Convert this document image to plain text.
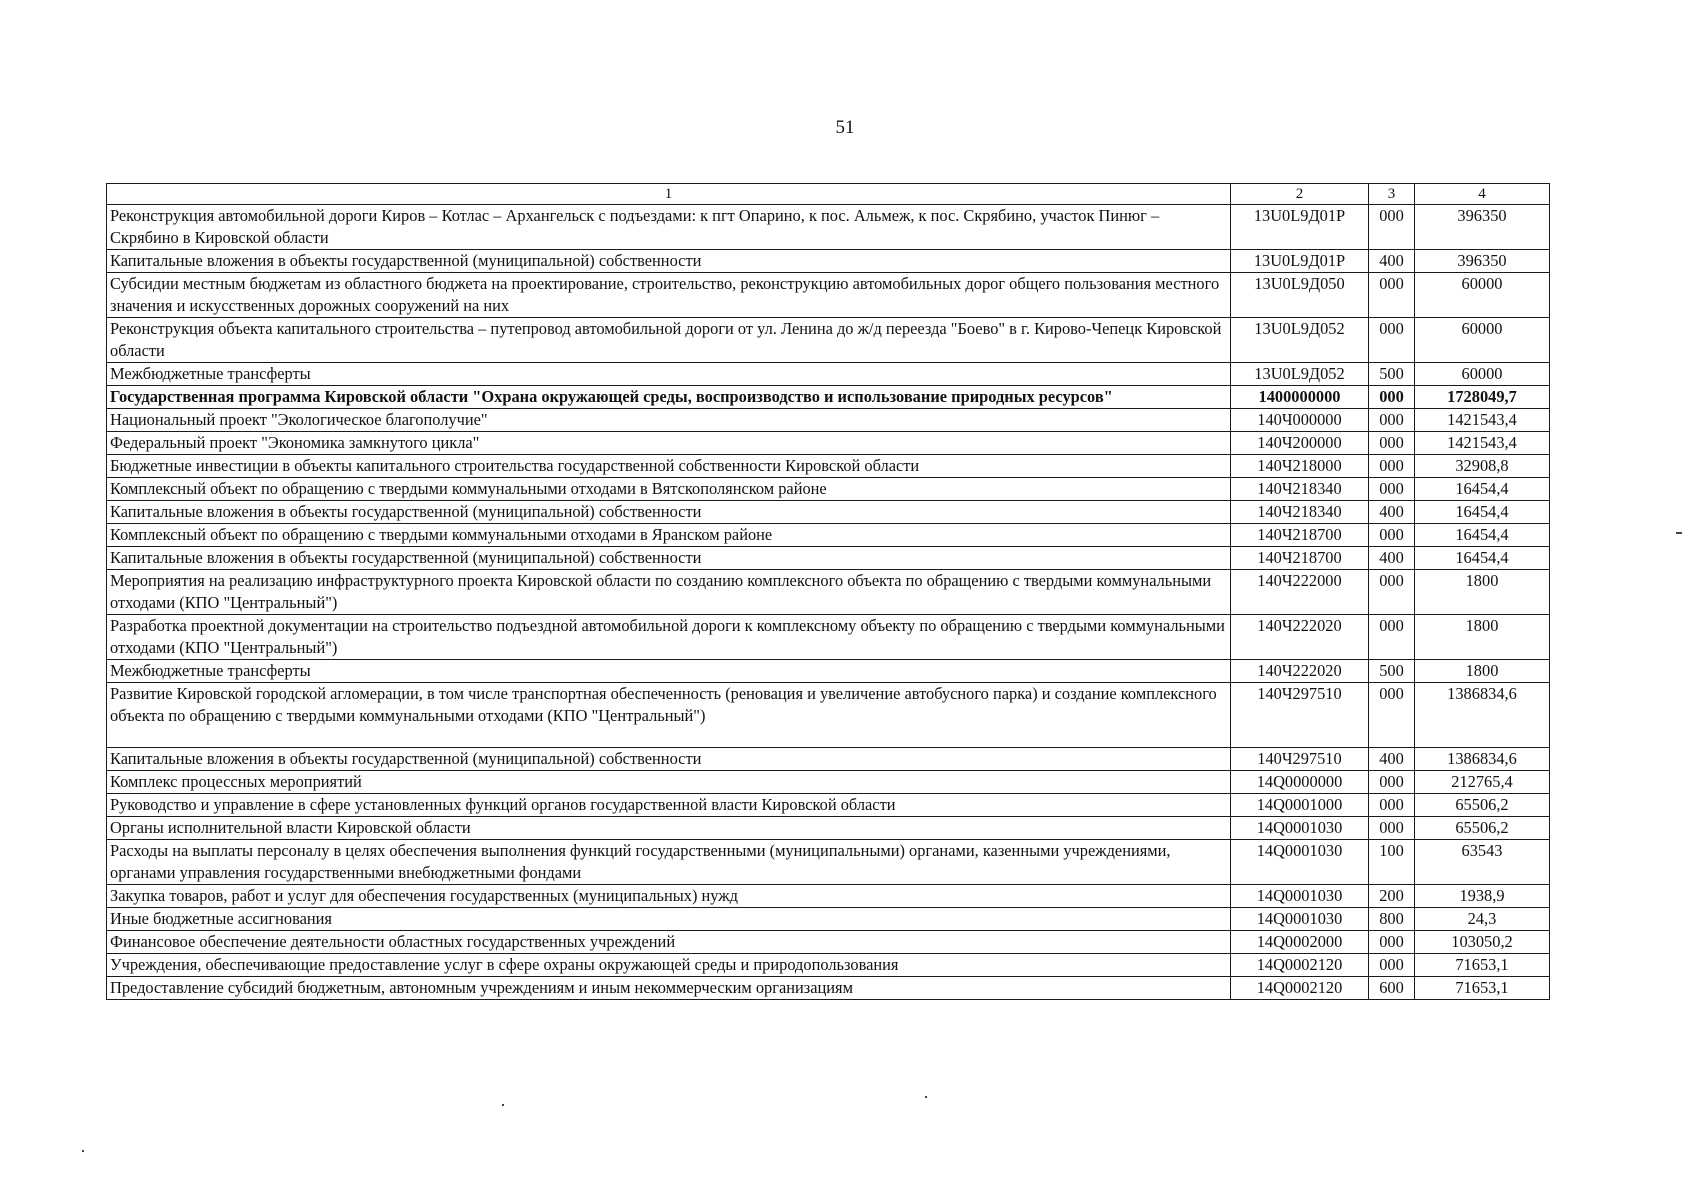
51
1	2	3	4
Реконструкция автомобильной дороги Киров – Котлас – Архангельск с подъездами: к пгт Опарино, к пос. Альмеж, к пос. Скрябино, участок Пинюг – Скрябино в Кировской области	13U0L9Д01Р	000	396350
Капитальные вложения в объекты государственной (муниципальной) собственности	13U0L9Д01Р	400	396350
Субсидии местным бюджетам из областного бюджета на проектирование, строительство, реконструкцию автомобильных дорог общего пользования местного значения и искусственных дорожных сооружений на них	13U0L9Д050	000	60000
Реконструкция объекта капитального строительства – путепровод автомобильной дороги от ул. Ленина до ж/д переезда "Боево" в г. Кирово-Чепецк Кировской области	13U0L9Д052	000	60000
Межбюджетные трансферты	13U0L9Д052	500	60000
Государственная программа Кировской области "Охрана окружающей среды, воспроизводство и использование природных ресурсов"	1400000000	000	1728049,7
Национальный проект "Экологическое благополучие"	140Ч000000	000	1421543,4
Федеральный проект "Экономика замкнутого цикла"	140Ч200000	000	1421543,4
Бюджетные инвестиции в объекты капитального строительства государственной собственности Кировской области	140Ч218000	000	32908,8
Комплексный объект по обращению с твердыми коммунальными отходами в Вятскополянском районе	140Ч218340	000	16454,4
Капитальные вложения в объекты государственной (муниципальной) собственности	140Ч218340	400	16454,4
Комплексный объект по обращению с твердыми коммунальными отходами в Яранском районе	140Ч218700	000	16454,4
Капитальные вложения в объекты государственной (муниципальной) собственности	140Ч218700	400	16454,4
Мероприятия на реализацию инфраструктурного проекта Кировской области по созданию комплексного объекта по обращению с твердыми коммунальными отходами (КПО "Центральный")	140Ч222000	000	1800
Разработка проектной документации на строительство подъездной автомобильной дороги к комплексному объекту по обращению с твердыми коммунальными отходами (КПО "Центральный")	140Ч222020	000	1800
Межбюджетные трансферты	140Ч222020	500	1800
Развитие Кировской городской агломерации, в том числе транспортная обеспеченность (реновация и увеличение автобусного парка) и создание комплексного объекта по обращению с твердыми коммунальными отходами (КПО "Центральный")	140Ч297510	000	1386834,6
Капитальные вложения в объекты государственной (муниципальной) собственности	140Ч297510	400	1386834,6
Комплекс процессных мероприятий	14Q0000000	000	212765,4
Руководство и управление в сфере установленных функций органов государственной власти Кировской области	14Q0001000	000	65506,2
Органы исполнительной власти Кировской области	14Q0001030	000	65506,2
Расходы на выплаты персоналу в целях обеспечения выполнения функций государственными (муниципальными) органами, казенными учреждениями, органами управления государственными внебюджетными фондами	14Q0001030	100	63543
Закупка товаров, работ и услуг для обеспечения государственных (муниципальных) нужд	14Q0001030	200	1938,9
Иные бюджетные ассигнования	14Q0001030	800	24,3
Финансовое обеспечение деятельности областных государственных учреждений	14Q0002000	000	103050,2
Учреждения, обеспечивающие предоставление услуг в сфере охраны окружающей среды и природопользования	14Q0002120	000	71653,1
Предоставление субсидий бюджетным, автономным учреждениям и иным некоммерческим организациям	14Q0002120	600	71653,1
